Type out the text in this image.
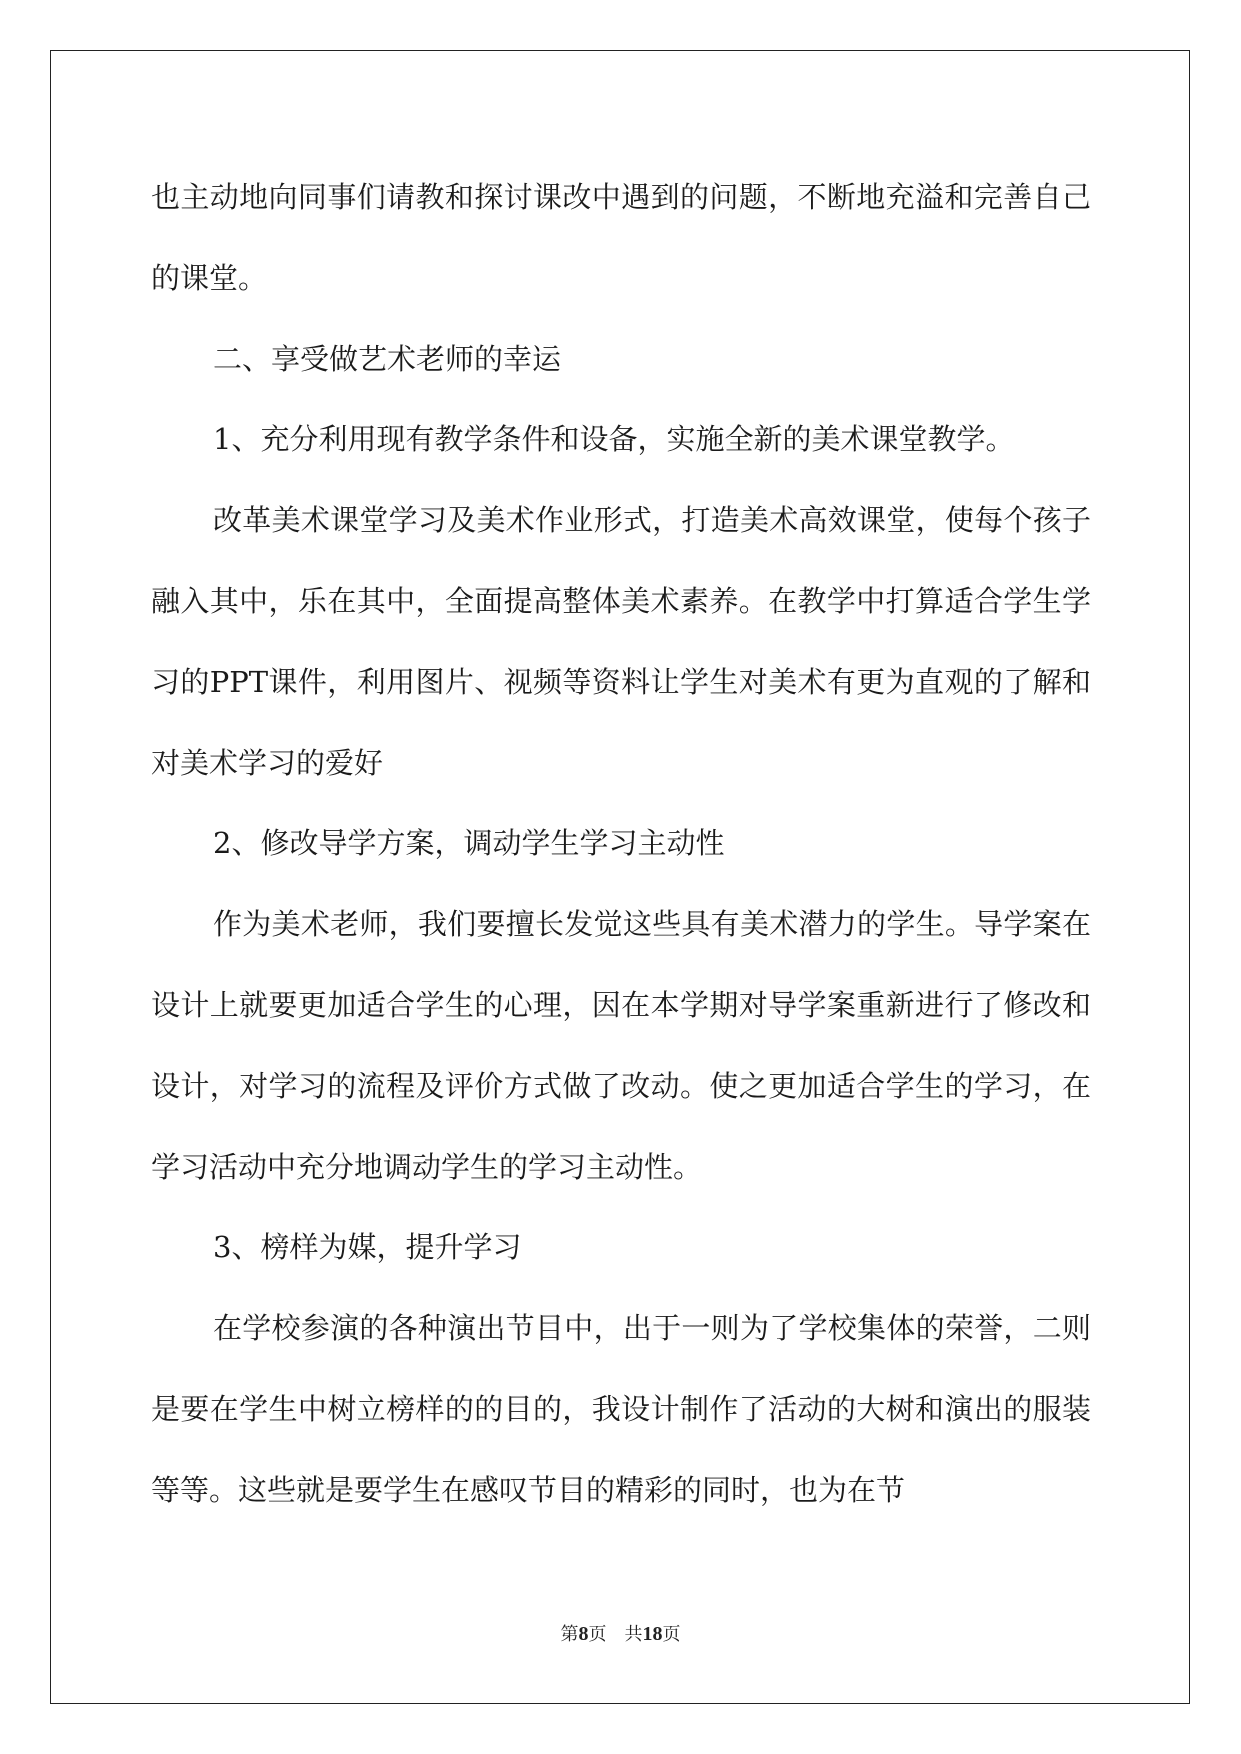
也主动地向同事们请教和探讨课改中遇到的问题，不断地充溢和完善自己的课堂。

二、享受做艺术老师的幸运

1、充分利用现有教学条件和设备，实施全新的美术课堂教学。

改革美术课堂学习及美术作业形式，打造美术高效课堂，使每个孩子融入其中，乐在其中，全面提高整体美术素养。在教学中打算适合学生学习的PPT课件，利用图片、视频等资料让学生对美术有更为直观的了解和对美术学习的爱好

2、修改导学方案，调动学生学习主动性

作为美术老师，我们要擅长发觉这些具有美术潜力的学生。导学案在设计上就要更加适合学生的心理，因在本学期对导学案重新进行了修改和设计，对学习的流程及评价方式做了改动。使之更加适合学生的学习，在学习活动中充分地调动学生的学习主动性。

3、榜样为媒，提升学习

在学校参演的各种演出节目中，出于一则为了学校集体的荣誉，二则是要在学生中树立榜样的的目的，我设计制作了活动的大树和演出的服装等等。这些就是要学生在感叹节目的精彩的同时，也为在节

第8页　共18页
